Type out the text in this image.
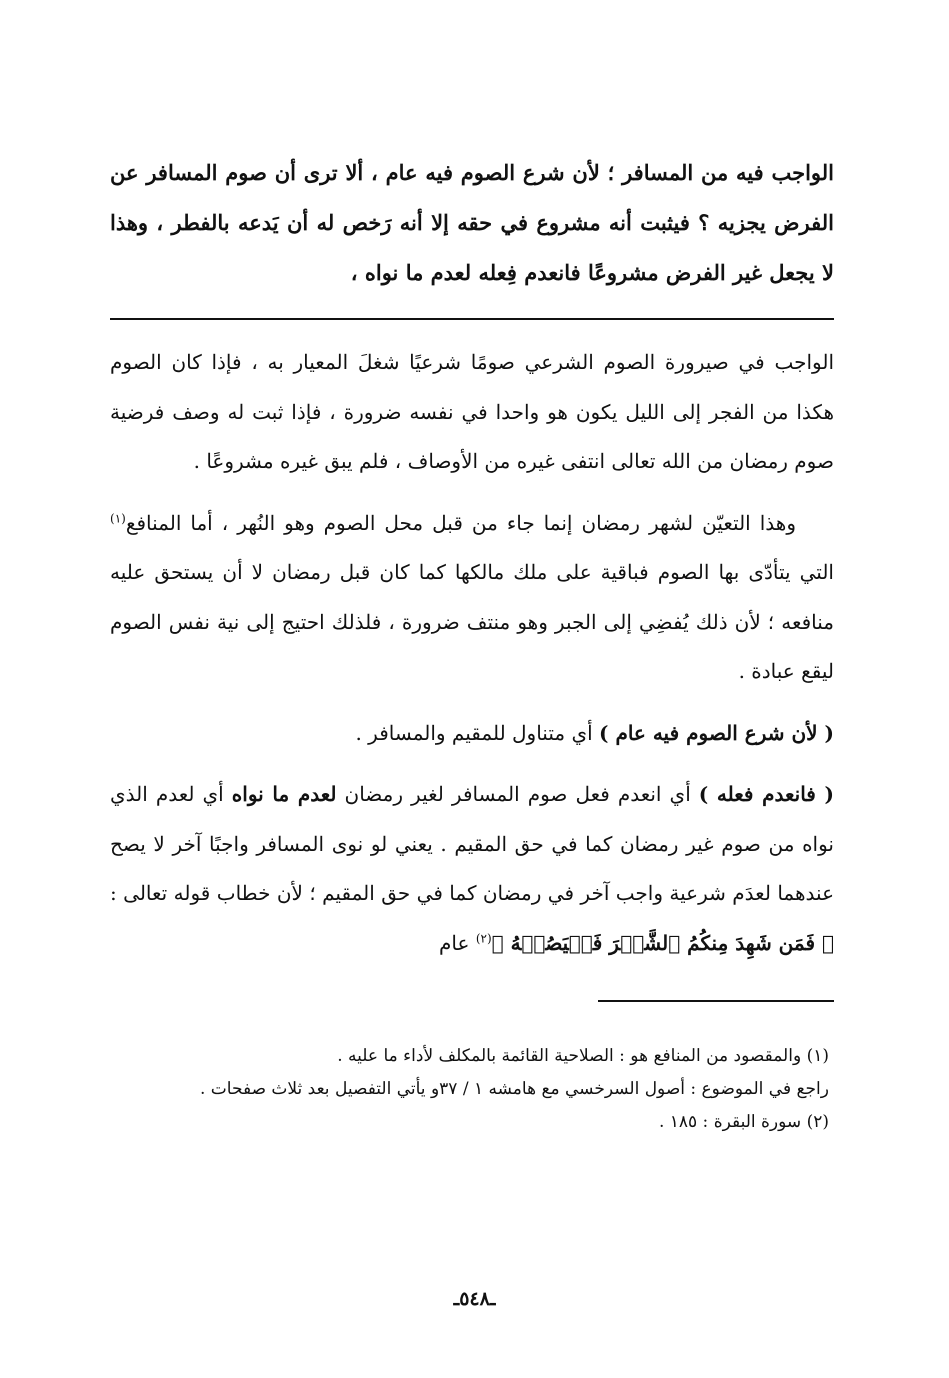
الواجب فيه من المسافر ؛ لأن شرع الصوم فيه عام ، ألا ترى أن صوم المسافر عن الفرض يجزيه ؟ فيثبت أنه مشروع في حقه إلا أنه رَخص له أن يَدعه بالفطر ، وهذا لا يجعل غير الفرض مشروعًا فانعدم فِعله لعدم ما نواه ،

الواجب في صيرورة الصوم الشرعي صومًا شرعيًا شغلَ المعيار به ، فإذا كان الصوم هكذا من الفجر إلى الليل يكون هو واحدا في نفسه ضرورة ، فإذا ثبت له وصف فرضية صوم رمضان من الله تعالى انتفى غيره من الأوصاف ، فلم يبق غيره مشروعًا .

وهذا التعيّن لشهر رمضان إنما جاء من قبل محل الصوم وهو النُهر ، أما المنافع$^{(١)}$ التي يتأدّى بها الصوم فباقية على ملك مالكها كما كان قبل رمضان لا أن يستحق عليه منافعه ؛ لأن ذلك يُفضِي إلى الجبر وهو منتف ضرورة ، فلذلك احتيج إلى نية نفس الصوم ليقع عبادة .

( لأن شرع الصوم فيه عام ) أي متناول للمقيم والمسافر .

( فانعدم فعله ) أي انعدم فعل صوم المسافر لغير رمضان لعدم ما نواه أي لعدم الذي نواه من صوم غير رمضان كما في حق المقيم . يعني لو نوى المسافر واجبًا آخر لا يصح عندهما لعدَم شرعية واجب آخر في رمضان كما في حق المقيم ؛ لأن خطاب قوله تعالى : ﴿ فَمَن شَهِدَ مِنكُمُ ٱلشَّهۡرَ فَلۡيَصُمۡهُ ﴾$^{(٢)}$ عام

(١) والمقصود من المنافع هو : الصلاحية القائمة بالمكلف لأداء ما عليه .

راجع في الموضوع : أصول السرخسي مع هامشه ١ / ٣٧و يأتي التفصيل بعد ثلاث صفحات .

(٢) سورة البقرة : ١٨٥ .

ـ٥٤٨ـ
